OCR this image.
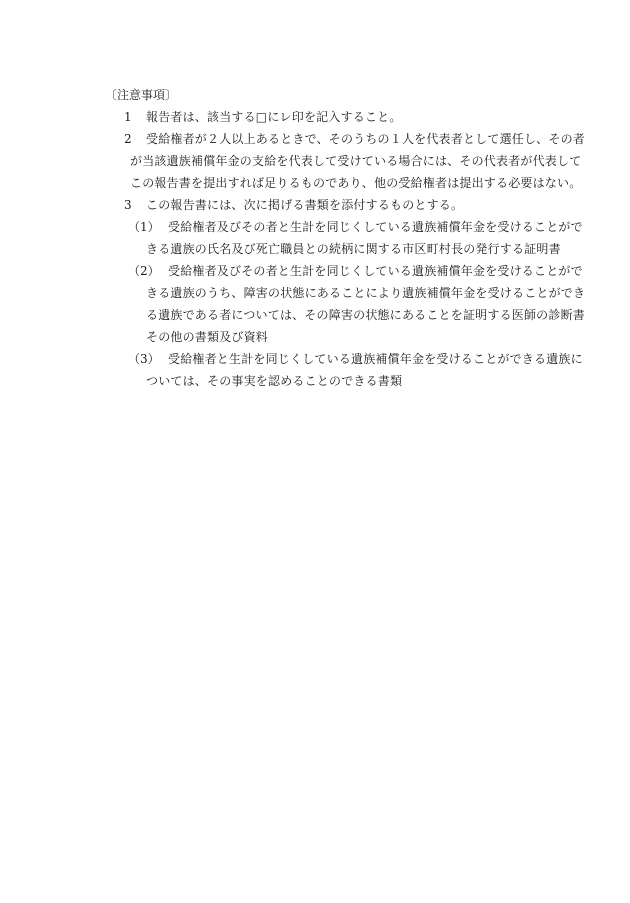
〔注意事項〕
1 報告者は、該当する□にレ印を記入すること。
2 受給権者が２人以上あるときで、そのうちの１人を代表者として選任し、その者
が当該遺族補償年金の支給を代表して受けている場合には、その代表者が代表して
この報告書を提出すれば足りるものであり、他の受給権者は提出する必要はない。
3 この報告書には、次に掲げる書類を添付するものとする。
（1） 受給権者及びその者と生計を同じくしている遺族補償年金を受けることがで
きる遺族の氏名及び死亡職員との続柄に関する市区町村長の発行する証明書
（2） 受給権者及びその者と生計を同じくしている遺族補償年金を受けることがで
きる遺族のうち、障害の状態にあることにより遺族補償年金を受けることができ
る遺族である者については、その障害の状態にあることを証明する医師の診断書
その他の書類及び資料
（3） 受給権者と生計を同じくしている遺族補償年金を受けることができる遺族に
ついては、その事実を認めることのできる書類
